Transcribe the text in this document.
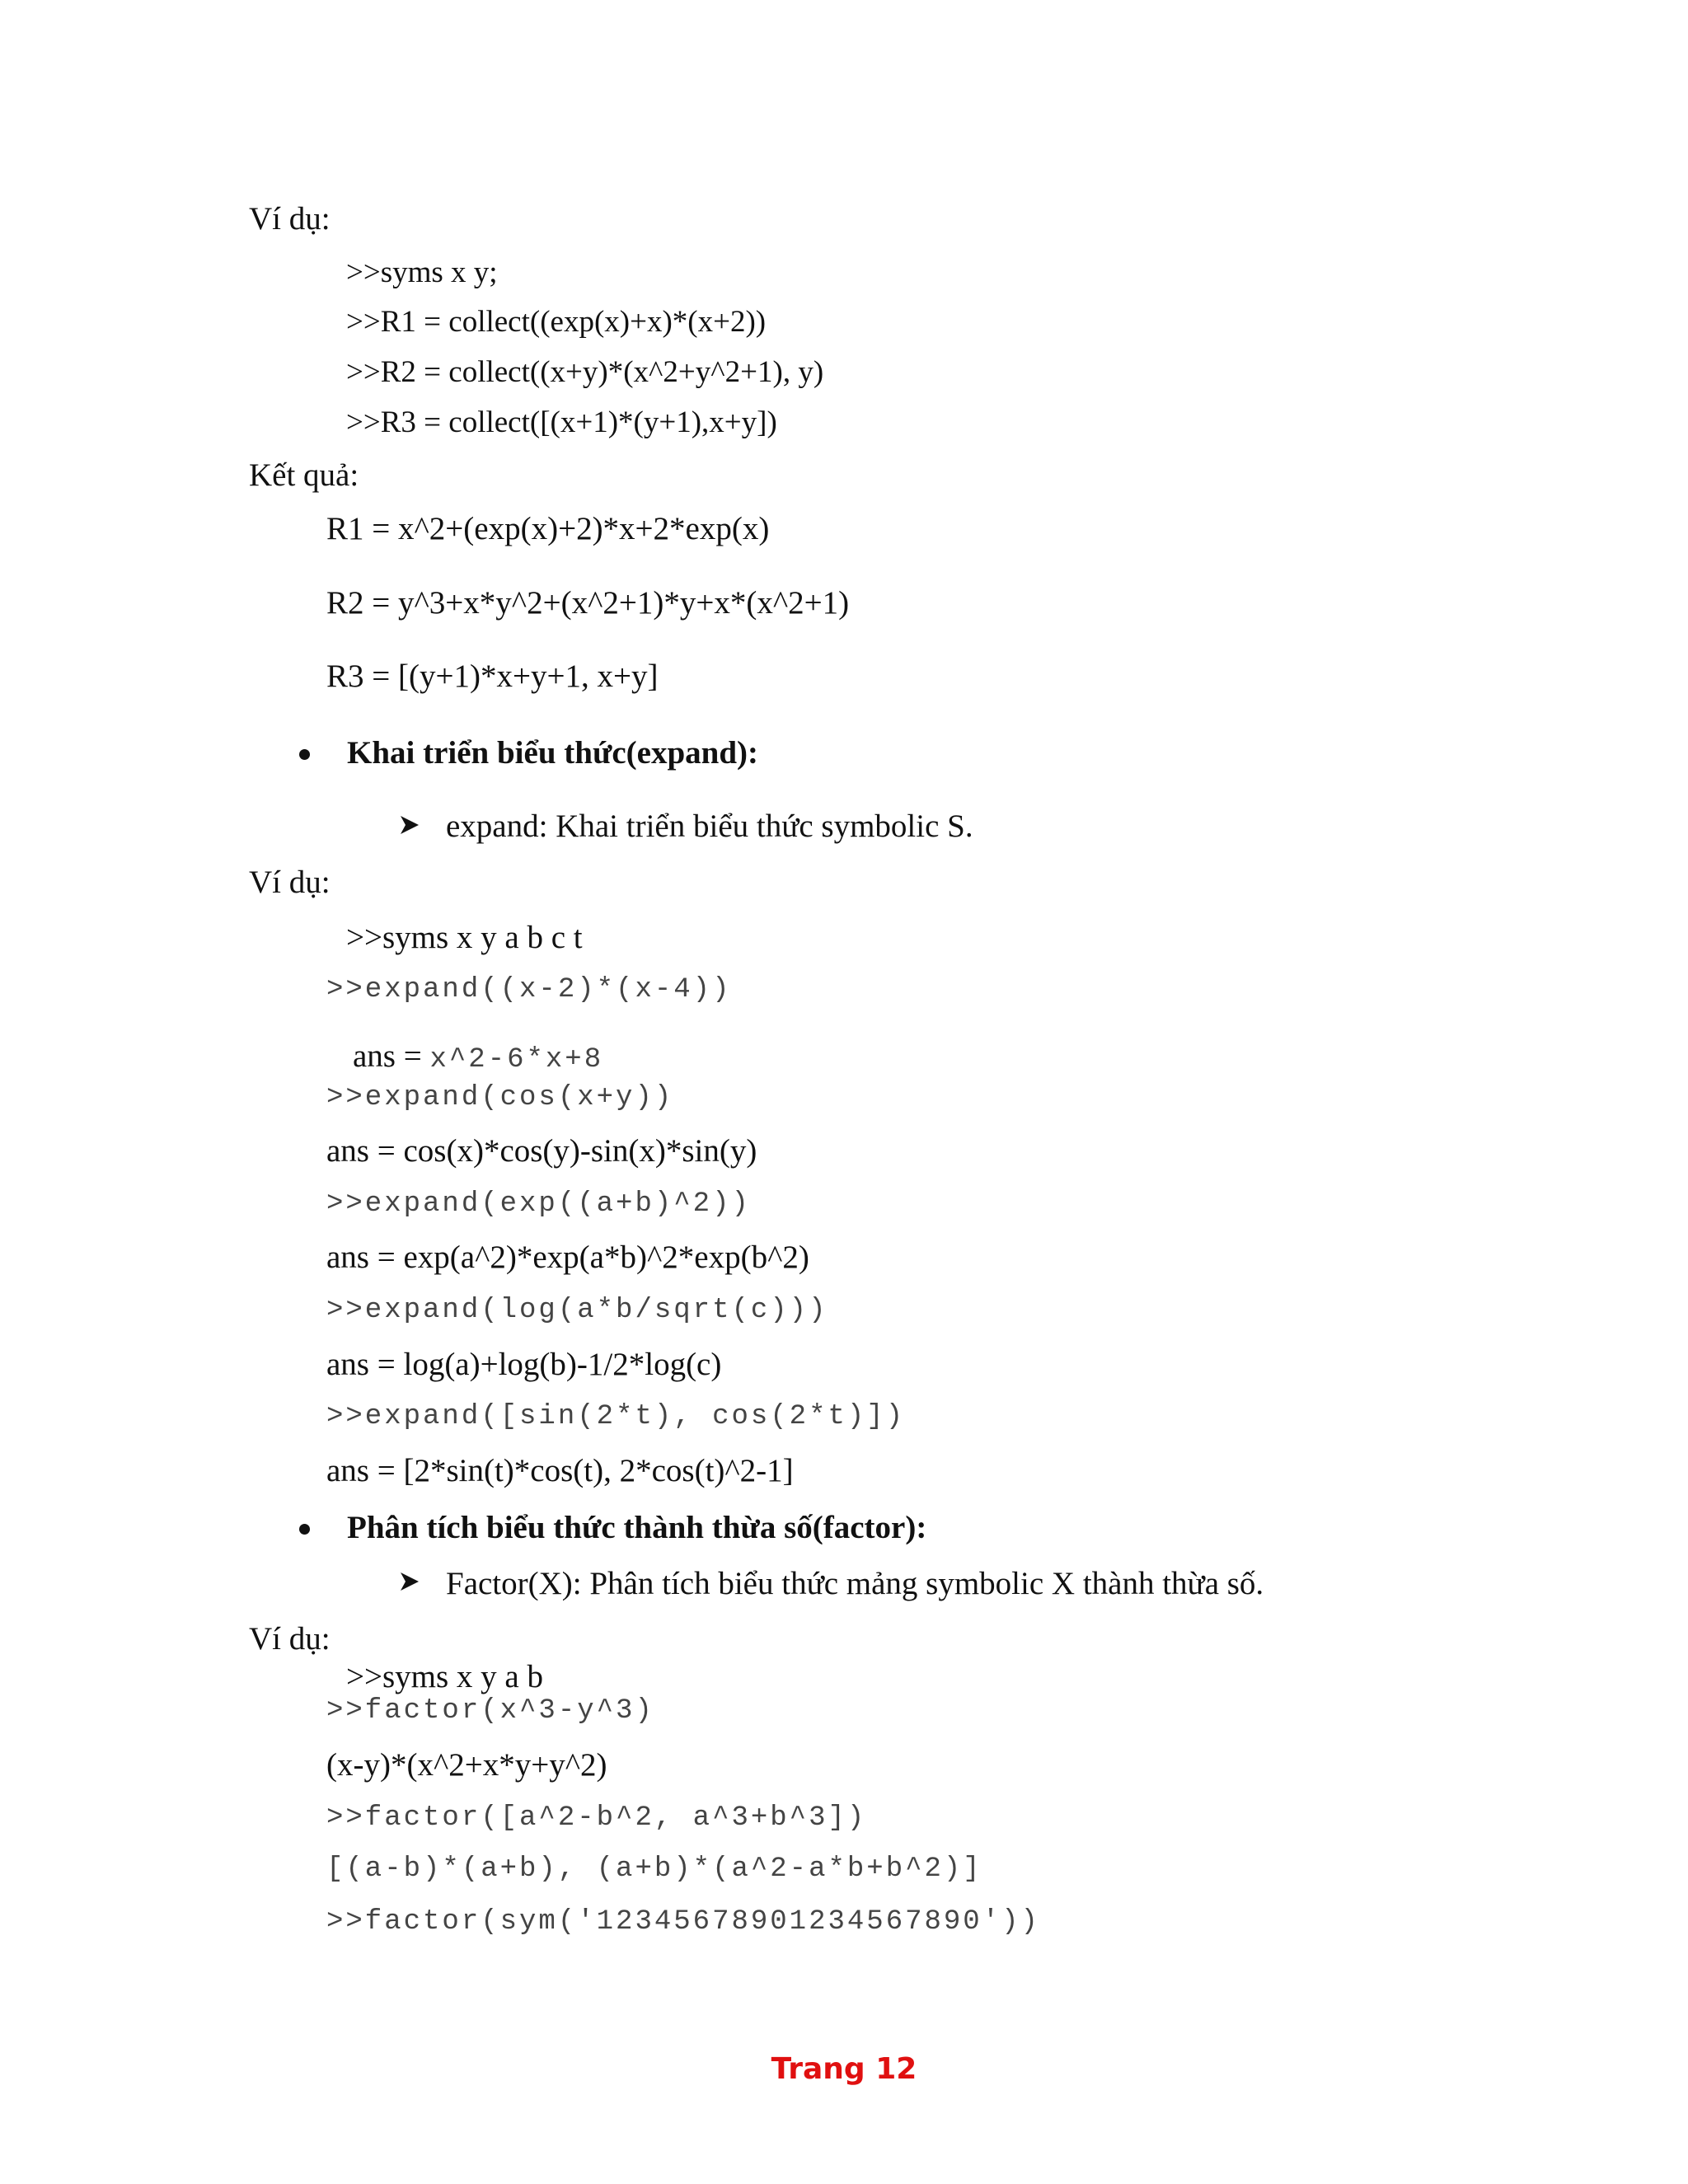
Ví dụ:
>>syms x y;
>>R1 = collect((exp(x)+x)*(x+2))
>>R2 = collect((x+y)*(x^2+y^2+1), y)
>>R3 = collect([(x+1)*(y+1),x+y])
Kết quả:
R1 = x^2+(exp(x)+2)*x+2*exp(x)
R2 = y^3+x*y^2+(x^2+1)*y+x*(x^2+1)
R3 = [(y+1)*x+y+1, x+y]
Khai triển biểu thức(expand):
expand: Khai triển biểu thức symbolic S.
Ví dụ:
>>syms x y a b c t
>>expand((x-2)*(x-4))

ans = x^2-6*x+8

>>expand(cos(x+y))
ans = cos(x)*cos(y)-sin(x)*sin(y)
>>expand(exp((a+b)^2))
ans = exp(a^2)*exp(a*b)^2*exp(b^2)
>>expand(log(a*b/sqrt(c)))
ans = log(a)+log(b)-1/2*log(c)
>>expand([sin(2*t), cos(2*t)])
ans = [2*sin(t)*cos(t), 2*cos(t)^2-1]
Phân tích biểu thức thành thừa số(factor):
Factor(X): Phân tích biểu thức mảng symbolic X thành thừa số.
Ví dụ:
>>syms x y a b
>>factor(x^3-y^3)
(x-y)*(x^2+x*y+y^2)
>>factor([a^2-b^2, a^3+b^3])
[(a-b)*(a+b), (a+b)*(a^2-a*b+b^2)]
>>factor(sym('12345678901234567890'))
Trang 12
